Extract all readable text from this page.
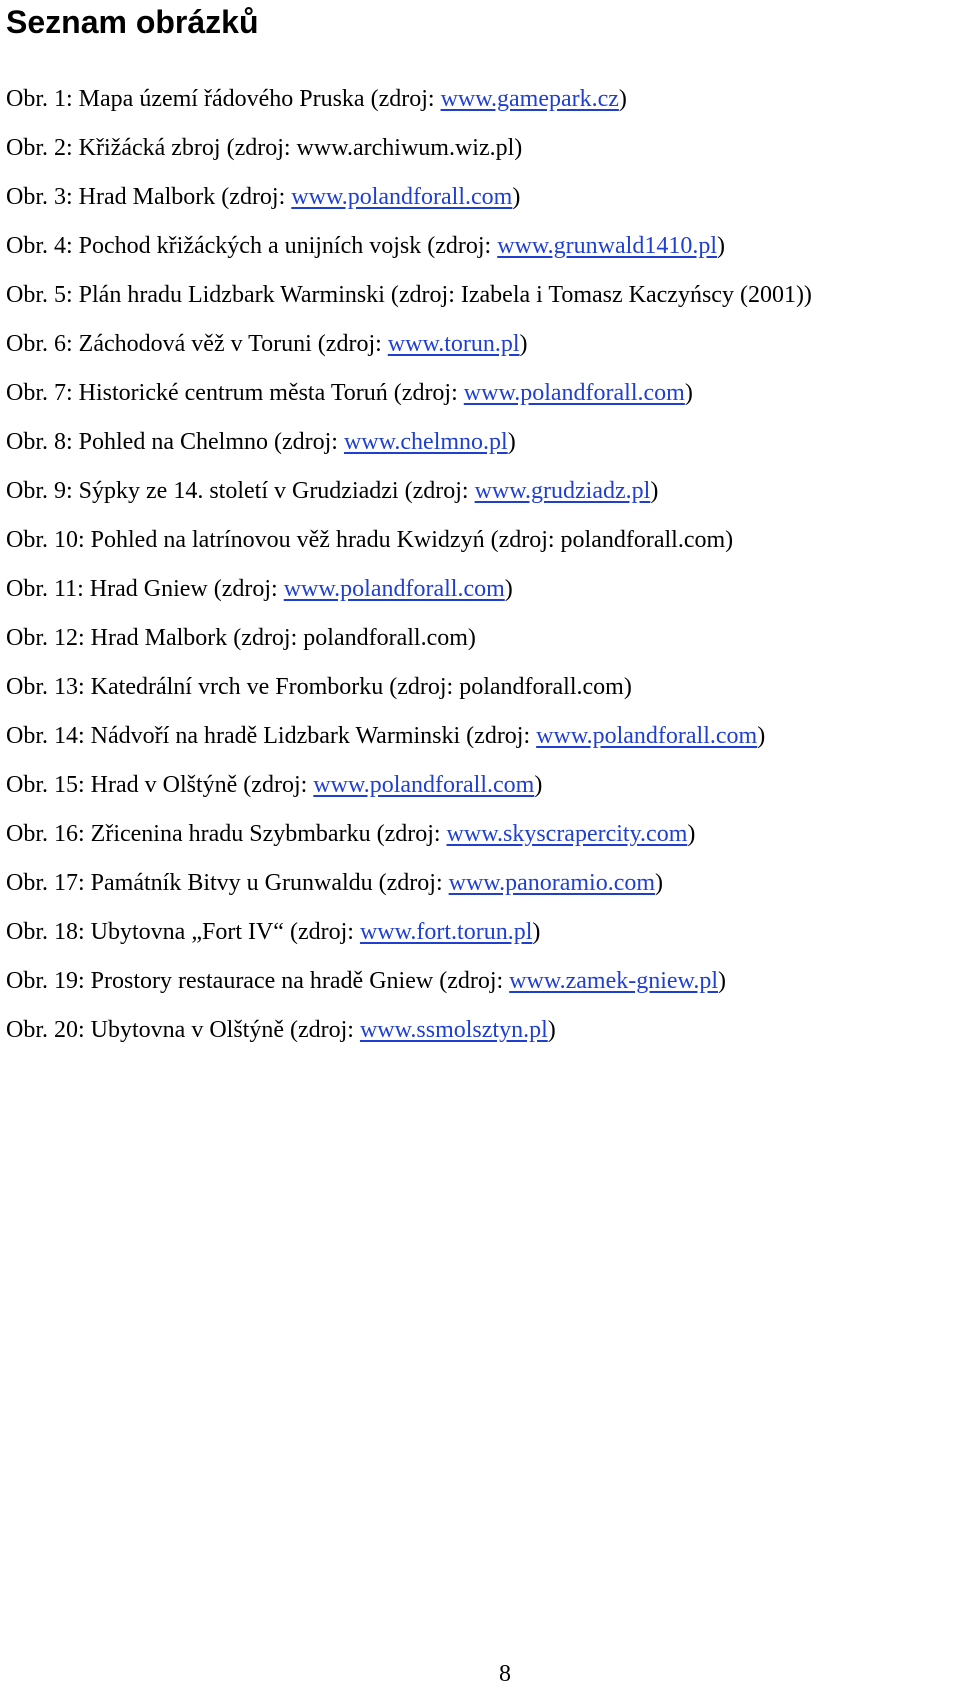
Seznam obrázků
Obr. 1: Mapa území řádového Pruska (zdroj: www.gamepark.cz)
Obr. 2: Křižácká zbroj (zdroj: www.archiwum.wiz.pl)
Obr. 3: Hrad Malbork (zdroj: www.polandforall.com)
Obr. 4: Pochod křižáckých a unijních vojsk (zdroj: www.grunwald1410.pl)
Obr. 5: Plán hradu Lidzbark Warminski (zdroj: Izabela i Tomasz Kaczyńscy (2001))
Obr. 6: Záchodová věž v Toruni (zdroj: www.torun.pl)
Obr. 7: Historické centrum města Toruń (zdroj: www.polandforall.com)
Obr. 8: Pohled na Chelmno (zdroj: www.chelmno.pl)
Obr. 9: Sýpky ze 14. století v Grudziadzi (zdroj: www.grudziadz.pl)
Obr. 10: Pohled na latrínovou věž hradu Kwidzyń (zdroj: polandforall.com)
Obr. 11: Hrad Gniew (zdroj: www.polandforall.com)
Obr. 12: Hrad Malbork (zdroj: polandforall.com)
Obr. 13: Katedrální vrch ve Fromborku (zdroj: polandforall.com)
Obr. 14: Nádvoří na hradě Lidzbark Warminski (zdroj: www.polandforall.com)
Obr. 15: Hrad v Olštýně (zdroj: www.polandforall.com)
Obr. 16: Zřicenina hradu Szybmbarku (zdroj: www.skyscrapercity.com)
Obr. 17: Památník Bitvy u Grunwaldu (zdroj: www.panoramio.com)
Obr. 18: Ubytovna „Fort IV“ (zdroj: www.fort.torun.pl)
Obr. 19: Prostory restaurace na hradě Gniew (zdroj: www.zamek-gniew.pl)
Obr. 20: Ubytovna v Olštýně (zdroj: www.ssmolsztyn.pl)
8
